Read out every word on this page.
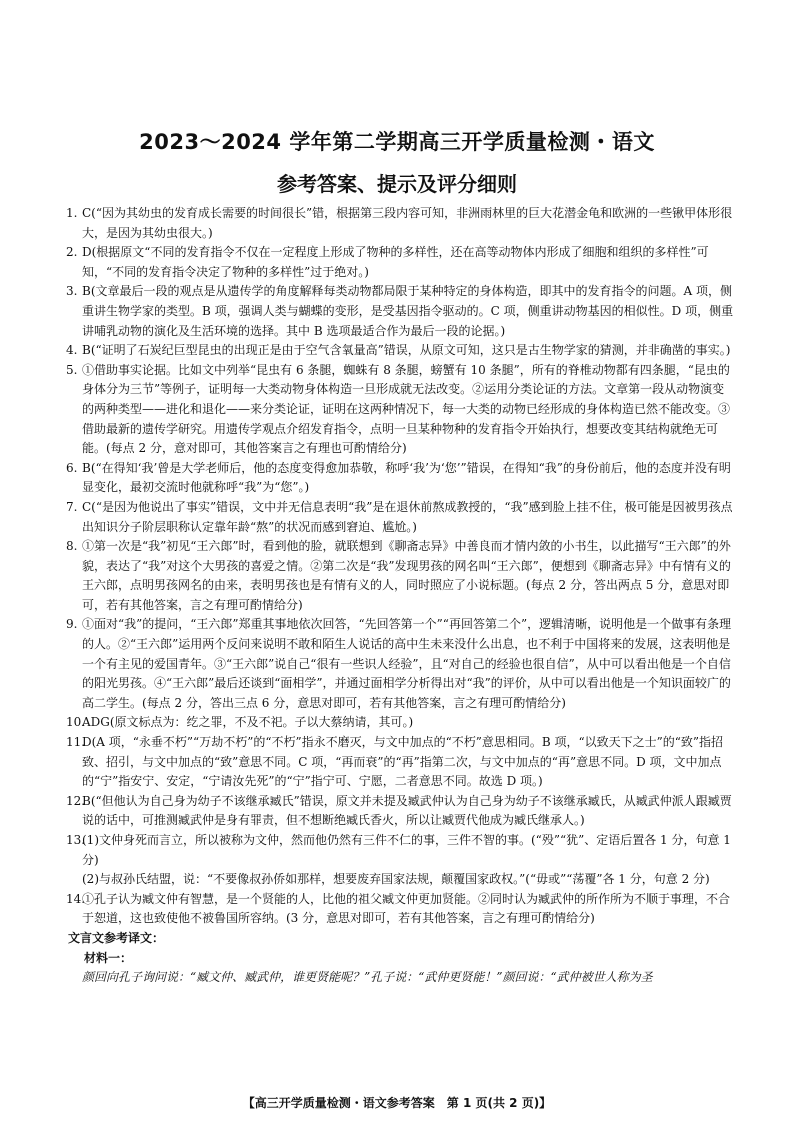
2023～2024 学年第二学期高三开学质量检测・语文
参考答案、提示及评分细则
1. C(“因为其幼虫的发育成长需要的时间很长”错，根据第三段内容可知，非洲雨林里的巨大花潜金龟和欧洲的一些锹甲体形很大，是因为其幼虫很大。)
2. D(根据原文“不同的发育指令不仅在一定程度上形成了物种的多样性，还在高等动物体内形成了细胞和组织的多样性”可知，“不同的发育指令决定了物种的多样性”过于绝对。)
3. B(文章最后一段的观点是从遗传学的角度解释每类动物都局限于某种特定的身体构造，即其中的发育指令的问题。A 项，侧重讲生物学家的类型。B 项，强调人类与蝴蝶的变形，是受基因指令驱动的。C 项，侧重讲动物基因的相似性。D 项，侧重讲哺乳动物的演化及生活环境的选择。其中 B 选项最适合作为最后一段的论据。)
4. B(“证明了石炭纪巨型昆虫的出现正是由于空气含氧量高”错误，从原文可知，这只是古生物学家的猜测，并非确凿的事实。)
5. ①借助事实论据。比如文中列举“昆虫有 6 条腿，蜘蛛有 8 条腿，螃蟹有 10 条腿”，所有的脊椎动物都有四条腿，“昆虫的身体分为三节”等例子，证明每一大类动物身体构造一旦形成就无法改变。②运用分类论证的方法。文章第一段从动物演变的两种类型——进化和退化——来分类论证，证明在这两种情况下，每一大类的动物已经形成的身体构造已然不能改变。③借助最新的遗传学研究。用遗传学观点介绍发育指令，点明一旦某种物种的发育指令开始执行，想要改变其结构就绝无可能。(每点 2 分，意对即可，其他答案言之有理也可酌情给分)
6. B(“在得知‘我’曾是大学老师后，他的态度变得愈加恭敬，称呼‘我’为‘您’”错误，在得知“我”的身份前后，他的态度并没有明显变化，最初交流时他就称呼“我”为“您”。)
7. C(“是因为他说出了事实”错误，文中并无信息表明“我”是在退休前熬成教授的，“我”感到脸上挂不住，极可能是因被男孩点出知识分子阶层职称认定靠年龄“熬”的状况而感到窘迫、尴尬。)
8. ①第一次是“我”初见“王六郎”时，看到他的脸，就联想到《聊斋志异》中善良而才情内敛的小书生，以此描写“王六郎”的外貌，表达了“我”对这个大男孩的喜爱之情。②第二次是“我”发现男孩的网名叫“王六郎”，便想到《聊斋志异》中有情有义的王六郎，点明男孩网名的由来，表明男孩也是有情有义的人，同时照应了小说标题。(每点 2 分，答出两点 5 分，意思对即可，若有其他答案，言之有理可酌情给分)
9. ①面对“我”的提问，“王六郎”郑重其事地依次回答，“先回答第一个”“再回答第二个”，逻辑清晰，说明他是一个做事有条理的人。②“王六郎”运用两个反问来说明不敢和陌生人说话的高中生未来没什么出息，也不利于中国将来的发展，这表明他是一个有主见的爱国青年。③“王六郎”说自己“很有一些识人经验”，且“对自己的经验也很自信”，从中可以看出他是一个自信的阳光男孩。④“王六郎”最后还谈到“面相学”，并通过面相学分析得出对“我”的评价，从中可以看出他是一个知识面较广的高二学生。(每点 2 分，答出三点 6 分，意思对即可，若有其他答案，言之有理可酌情给分)
10.
ADG(原文标点为：纥之罪，不及不祀。子以大蔡纳请，其可。)
11.
D(A 项，“永垂不朽”“万劫不朽”的“不朽”指永不磨灭，与文中加点的“不朽”意思相同。B 项，“以致天下之士”的“致”指招致、招引，与文中加点的“致”意思不同。C 项，“再而衰”的“再”指第二次，与文中加点的“再”意思不同。D 项，文中加点的“宁”指安宁、安定，“宁请汝先死”的“宁”指宁可、宁愿，二者意思不同。故选 D 项。)
12.
B(“但他认为自己身为幼子不该继承臧氏”错误，原文并未提及臧武仲认为自己身为幼子不该继承臧氏，从臧武仲派人跟臧贾说的话中，可推测臧武仲是身有罪责，但不想断绝臧氏香火，所以让臧贾代他成为臧氏继承人。)
13.
(1)文仲身死而言立，所以被称为文仲，然而他仍然有三件不仁的事，三件不智的事。(“殁”“犹”、定语后置各 1 分，句意 1 分)
(2)与叔孙氏结盟，说：“不要像叔孙侨如那样，想要废弃国家法规，颠覆国家政权。”(“毋或”“荡覆”各 1 分，句意 2 分)
14.
①孔子认为臧文仲有智慧，是一个贤能的人，比他的祖父臧文仲更加贤能。②同时认为臧武仲的所作所为不顺于事理，不合于恕道，这也致使他不被鲁国所容纳。(3 分，意思对即可，若有其他答案，言之有理可酌情给分)
文言文参考译文：
材料一：
颜回向孔子询问说：“臧文仲、臧武仲，谁更贤能呢？”孔子说：“武仲更贤能！”颜回说：“武仲被世人称为圣
【高三开学质量检测・语文参考答案　第 1 页(共 2 页)】
